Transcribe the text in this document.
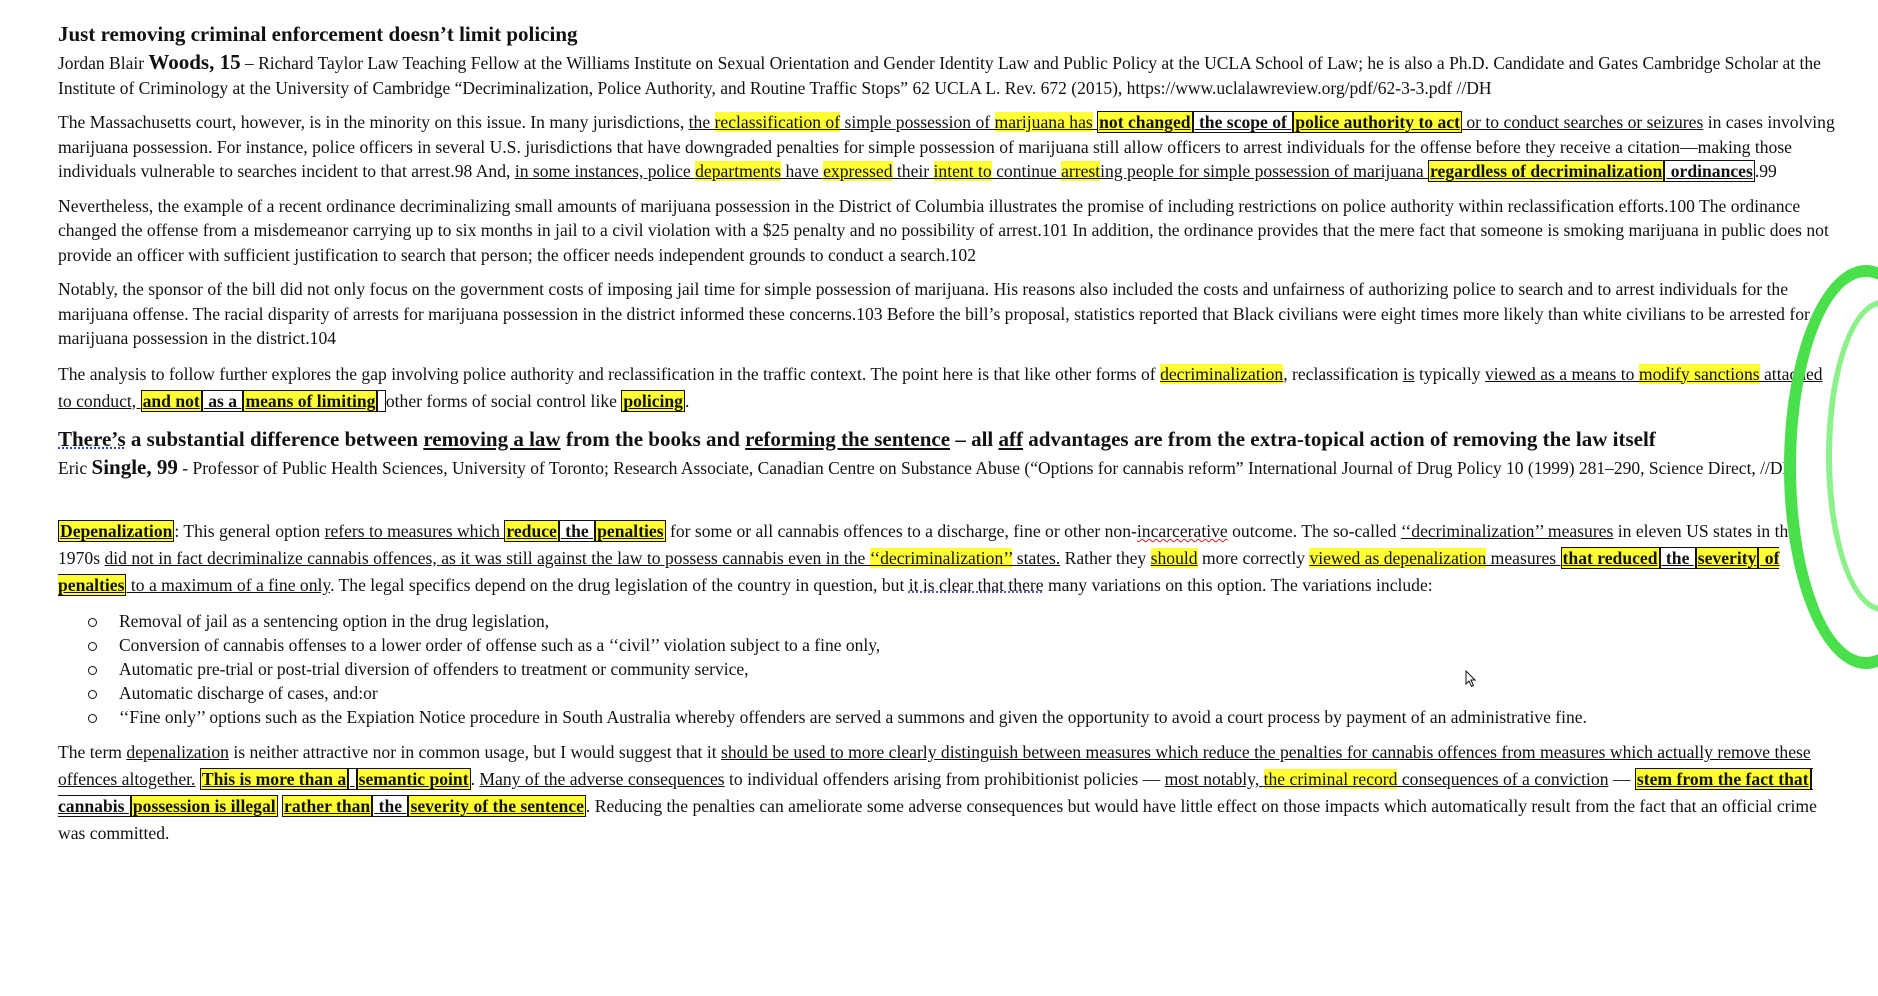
Just removing criminal enforcement doesn’t limit policing
Jordan Blair Woods, 15 – Richard Taylor Law Teaching Fellow at the Williams Institute on Sexual Orientation and Gender Identity Law and Public Policy at the UCLA School of Law; he is also a Ph.D. Candidate and Gates Cambridge Scholar at the Institute of Criminology at the University of Cambridge “Decriminalization, Police Authority, and Routine Traffic Stops” 62 UCLA L. Rev. 672 (2015), https://www.uclalawreview.org/pdf/62-3-3.pdf //DH
The Massachusetts court, however, is in the minority on this issue. In many jurisdictions, the reclassification of simple possession of marijuana has not changed the scope of police authority to act or to conduct searches or seizures in cases involving marijuana possession. For instance, police officers in several U.S. jurisdictions that have downgraded penalties for simple possession of marijuana still allow officers to arrest individuals for the offense before they receive a citation—making those individuals vulnerable to searches incident to that arrest.98 And, in some instances, police departments have expressed their intent to continue arresting people for simple possession of marijuana regardless of decriminalization ordinances .99
Nevertheless, the example of a recent ordinance decriminalizing small amounts of marijuana possession in the District of Columbia illustrates the promise of including restrictions on police authority within reclassification efforts.100 The ordinance changed the offense from a misdemeanor carrying up to six months in jail to a civil violation with a $25 penalty and no possibility of arrest.101 In addition, the ordinance provides that the mere fact that someone is smoking marijuana in public does not provide an officer with sufficient justification to search that person; the officer needs independent grounds to conduct a search.102
Notably, the sponsor of the bill did not only focus on the government costs of imposing jail time for simple possession of marijuana. His reasons also included the costs and unfairness of authorizing police to search and to arrest individuals for the marijuana offense. The racial disparity of arrests for marijuana possession in the district informed these concerns.103 Before the bill’s proposal, statistics reported that Black civilians were eight times more likely than white civilians to be arrested for marijuana possession in the district.104
The analysis to follow further explores the gap involving police authority and reclassification in the traffic context. The point here is that like other forms of decriminalization, reclassification is typically viewed as a means to modify sanctions attached to conduct, and not as a means of limiting other forms of social control like policing .
There’s a substantial difference between removing a law from the books and reforming the sentence – all aff advantages are from the extra-topical action of removing the law itself
Eric Single, 99 - Professor of Public Health Sciences, University of Toronto; Research Associate, Canadian Centre on Substance Abuse (“Options for cannabis reform” International Journal of Drug Policy 10 (1999) 281–290, Science Direct, //DH
Depenalization : This general option refers to measures which reduce the penalties for some or all cannabis offences to a discharge, fine or other non-incarcerative outcome. The so-called ‘‘decriminalization’’ measures in eleven US states in the 1970s did not in fact decriminalize cannabis offences, as it was still against the law to possess cannabis even in the ‘‘decriminalization’’ states. Rather they should more correctly viewed as depenalization measures that reduced the severity of penalties to a maximum of a fine only. The legal specifics depend on the drug legislation of the country in question, but it is clear that there many variations on this option. The variations include:
Removal of jail as a sentencing option in the drug legislation,
Conversion of cannabis offenses to a lower order of offense such as a ‘‘civil’’ violation subject to a fine only,
Automatic pre-trial or post-trial diversion of offenders to treatment or community service,
Automatic discharge of cases, and:or
‘‘Fine only’’ options such as the Expiation Notice procedure in South Australia whereby offenders are served a summons and given the opportunity to avoid a court process by payment of an administrative fine.
The term depenalization is neither attractive nor in common usage, but I would suggest that it should be used to more clearly distinguish between measures which reduce the penalties for cannabis offences from measures which actually remove these offences altogether. This is more than a semantic point . Many of the adverse consequences to individual offenders arising from prohibitionist policies — most notably, the criminal record consequences of a conviction — stem from the fact that cannabis possession is illegal rather than the severity of the sentence . Reducing the penalties can ameliorate some adverse consequences but would have little effect on those impacts which automatically result from the fact that an official crime was committed.
